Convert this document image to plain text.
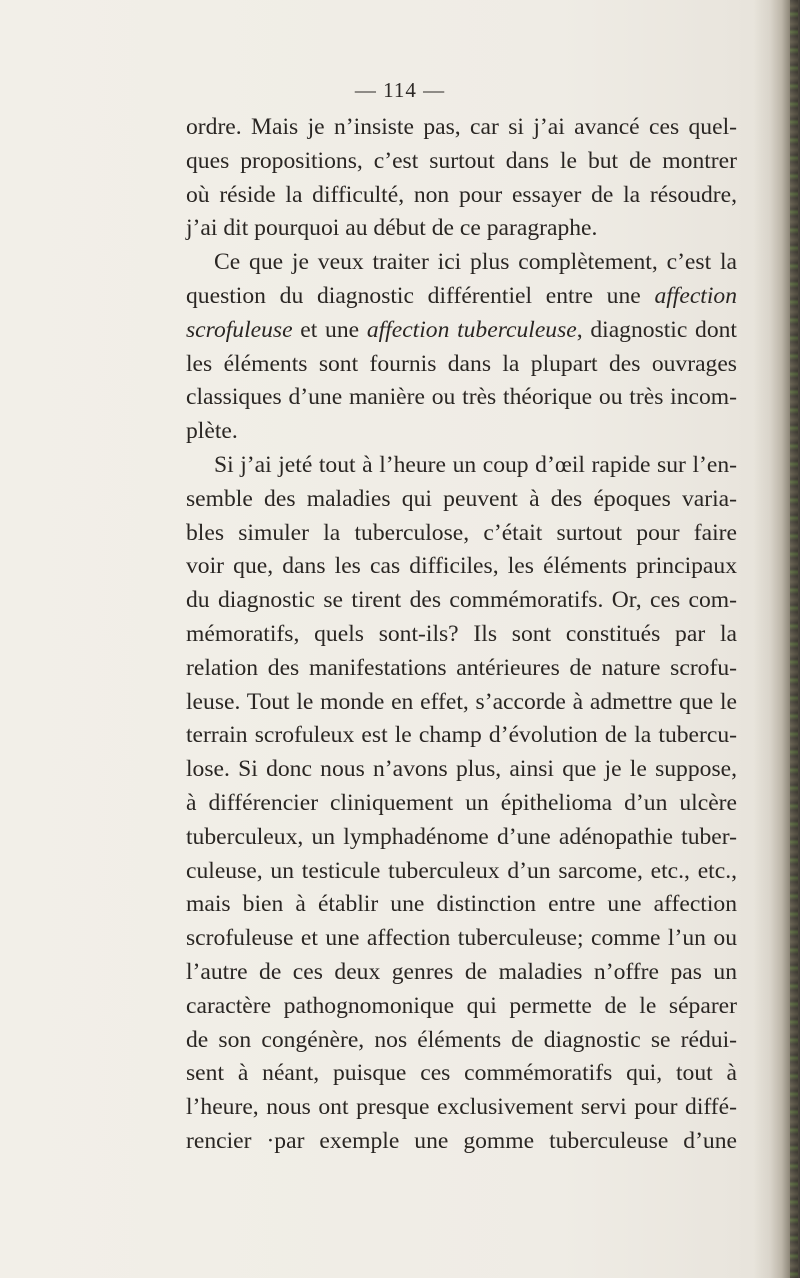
— 114 —
ordre. Mais je n’insiste pas, car si j’ai avancé ces quel-
ques propositions, c’est surtout dans le but de montrer
où réside la difficulté, non pour essayer de la résoudre,
j’ai dit pourquoi au début de ce paragraphe.
Ce que je veux traiter ici plus complètement, c’est la
question du diagnostic différentiel entre une affection
scrofuleuse et une affection tuberculeuse, diagnostic dont
les éléments sont fournis dans la plupart des ouvrages
classiques d’une manière ou très théorique ou très incom-
plète.
Si j’ai jeté tout à l’heure un coup d’œil rapide sur l’en-
semble des maladies qui peuvent à des époques varia-
bles simuler la tuberculose, c’était surtout pour faire
voir que, dans les cas difficiles, les éléments principaux
du diagnostic se tirent des commémoratifs. Or, ces com-
mémoratifs, quels sont-ils? Ils sont constitués par la
relation des manifestations antérieures de nature scrofu-
leuse. Tout le monde en effet, s’accorde à admettre que le
terrain scrofuleux est le champ d’évolution de la tubercu-
lose. Si donc nous n’avons plus, ainsi que je le suppose,
à différencier cliniquement un épithelioma d’un ulcère
tuberculeux, un lymphadénome d’une adénopathie tuber-
culeuse, un testicule tuberculeux d’un sarcome, etc., etc.,
mais bien à établir une distinction entre une affection
scrofuleuse et une affection tuberculeuse; comme l’un ou
l’autre de ces deux genres de maladies n’offre pas un
caractère pathognomonique qui permette de le séparer
de son congénère, nos éléments de diagnostic se rédui-
sent à néant, puisque ces commémoratifs qui, tout à
l’heure, nous ont presque exclusivement servi pour diffé-
rencier ·par exemple une gomme tuberculeuse d’une
